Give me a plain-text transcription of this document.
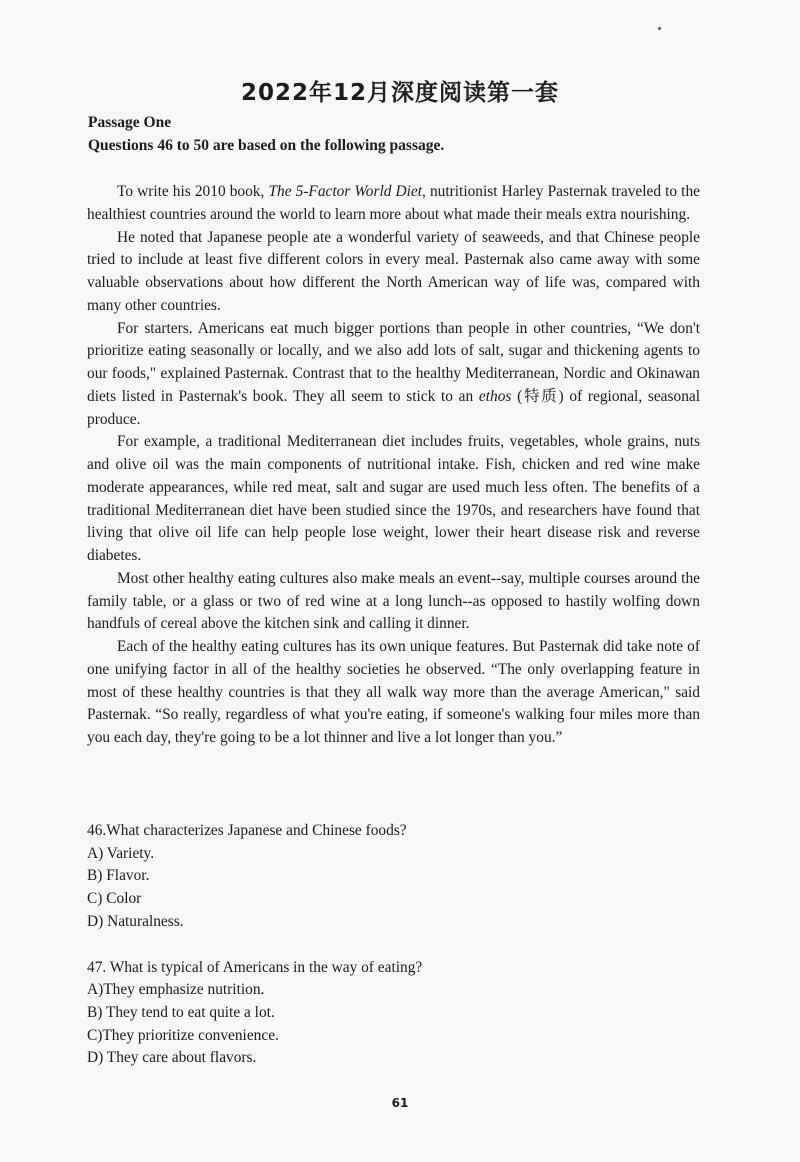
2022年12月深度阅读第一套
Passage One
Questions 46 to 50 are based on the following passage.

To write his 2010 book, The 5-Factor World Diet, nutritionist Harley Pasternak traveled to the healthiest countries around the world to learn more about what made their meals extra nourishing.

He noted that Japanese people ate a wonderful variety of seaweeds, and that Chinese people tried to include at least five different colors in every meal. Pasternak also came away with some valuable observations about how different the North American way of life was, compared with many other countries.

For starters. Americans eat much bigger portions than people in other countries, “We don't prioritize eating seasonally or locally, and we also add lots of salt, sugar and thickening agents to our foods," explained Pasternak. Contrast that to the healthy Mediterranean, Nordic and Okinawan diets listed in Pasternak's book. They all seem to stick to an ethos (特质) of regional, seasonal produce.

For example, a traditional Mediterranean diet includes fruits, vegetables, whole grains, nuts and olive oil was the main components of nutritional intake. Fish, chicken and red wine make moderate appearances, while red meat, salt and sugar are used much less often. The benefits of a traditional Mediterranean diet have been studied since the 1970s, and researchers have found that living that olive oil life can help people lose weight, lower their heart disease risk and reverse diabetes.

Most other healthy eating cultures also make meals an event--say, multiple courses around the family table, or a glass or two of red wine at a long lunch--as opposed to hastily wolfing down handfuls of cereal above the kitchen sink and calling it dinner.

Each of the healthy eating cultures has its own unique features. But Pasternak did take note of one unifying factor in all of the healthy societies he observed. “The only overlapping feature in most of these healthy countries is that they all walk way more than the average American," said Pasternak. “So really, regardless of what you're eating, if someone's walking four miles more than you each day, they're going to be a lot thinner and live a lot longer than you.”

46.What characterizes Japanese and Chinese foods?
A) Variety.
B) Flavor.
C) Color
D) Naturalness.
47. What is typical of Americans in the way of eating?
A)They emphasize nutrition.
B) They tend to eat quite a lot.
C)They prioritize convenience.
D) They care about flavors.
61
